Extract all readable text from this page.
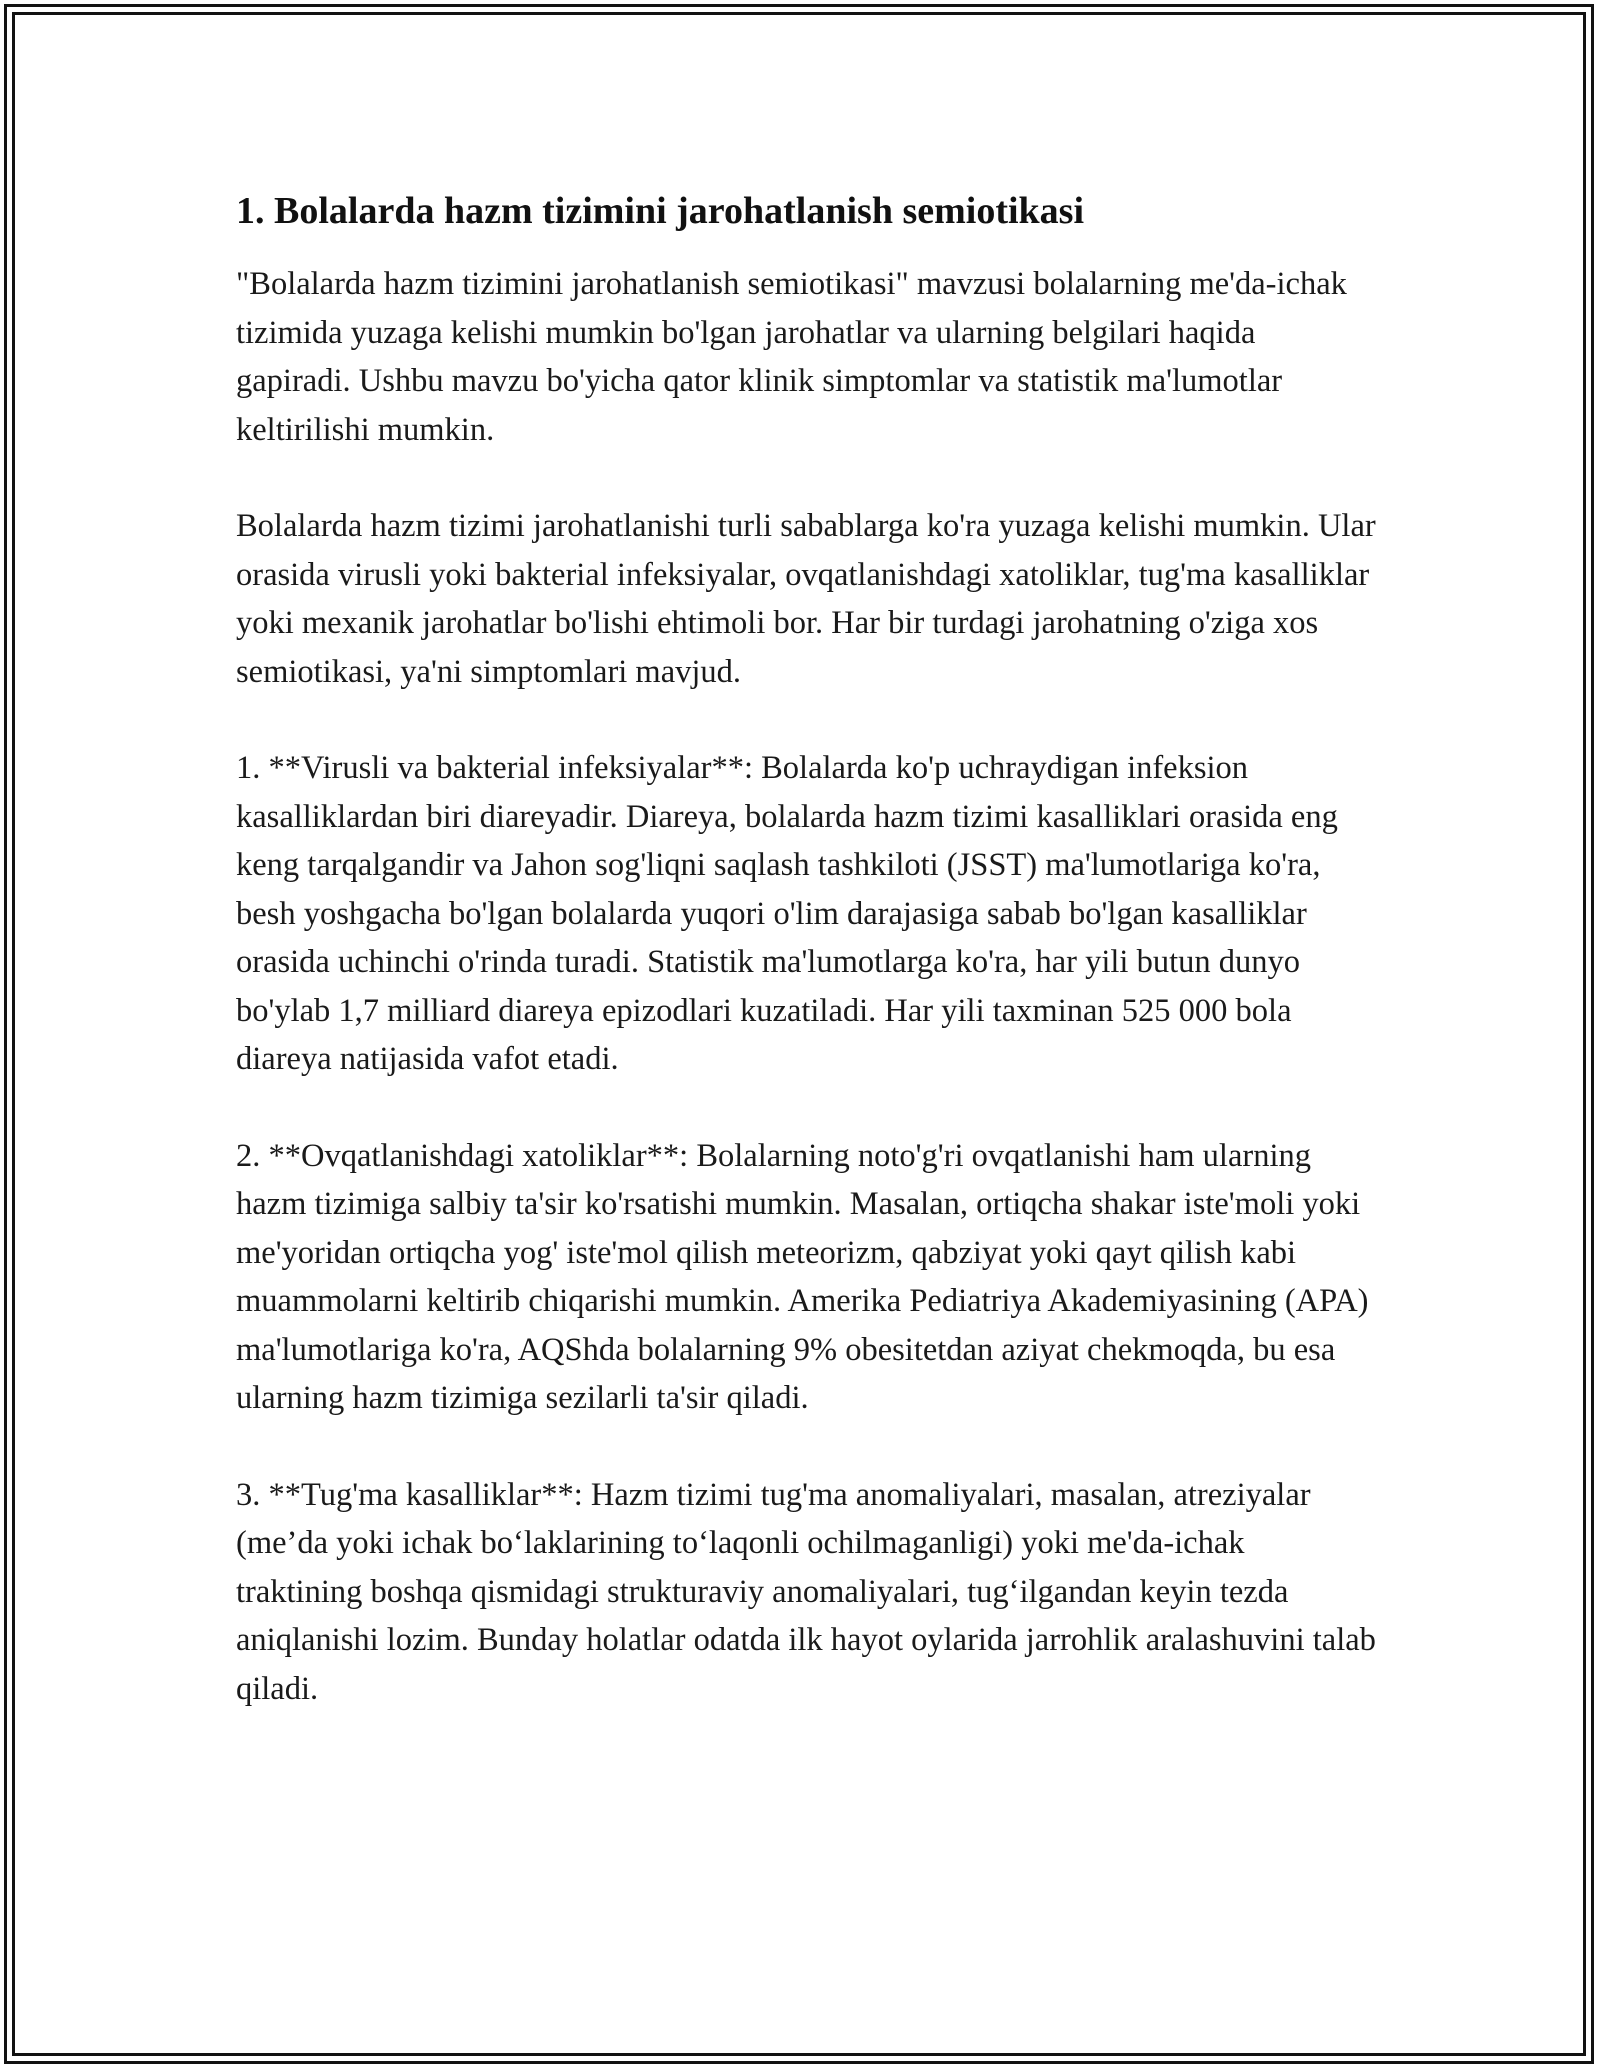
1. Bolalarda hazm tizimini jarohatlanish semiotikasi

"Bolalarda hazm tizimini jarohatlanish semiotikasi" mavzusi bolalarning me'da-ichak tizimida yuzaga kelishi mumkin bo'lgan jarohatlar va ularning belgilari haqida gapiradi. Ushbu mavzu bo'yicha qator klinik simptomlar va statistik ma'lumotlar keltirilishi mumkin.

Bolalarda hazm tizimi jarohatlanishi turli sabablarga ko'ra yuzaga kelishi mumkin. Ular orasida virusli yoki bakterial infeksiyalar, ovqatlanishdagi xatoliklar, tug'ma kasalliklar yoki mexanik jarohatlar bo'lishi ehtimoli bor. Har bir turdagi jarohatning o'ziga xos semiotikasi, ya'ni simptomlari mavjud.

1. **Virusli va bakterial infeksiyalar**: Bolalarda ko'p uchraydigan infeksion kasalliklardan biri diareyadir. Diareya, bolalarda hazm tizimi kasalliklari orasida eng keng tarqalgandir va Jahon sog'liqni saqlash tashkiloti (JSST) ma'lumotlariga ko'ra, besh yoshgacha bo'lgan bolalarda yuqori o'lim darajasiga sabab bo'lgan kasalliklar orasida uchinchi o'rinda turadi. Statistik ma'lumotlarga ko'ra, har yili butun dunyo bo'ylab 1,7 milliard diareya epizodlari kuzatiladi. Har yili taxminan 525 000 bola diareya natijasida vafot etadi.

2. **Ovqatlanishdagi xatoliklar**: Bolalarning noto'g'ri ovqatlanishi ham ularning hazm tizimiga salbiy ta'sir ko'rsatishi mumkin. Masalan, ortiqcha shakar iste'moli yoki me'yoridan ortiqcha yog' iste'mol qilish meteorizm, qabziyat yoki qayt qilish kabi muammolarni keltirib chiqarishi mumkin. Amerika Pediatriya Akademiyasining (APA) ma'lumotlariga ko'ra, AQShda bolalarning 9% obesitetdan aziyat chekmoqda, bu esa ularning hazm tizimiga sezilarli ta'sir qiladi.

3. **Tug'ma kasalliklar**: Hazm tizimi tug'ma anomaliyalari, masalan, atreziyalar (me’da yoki ichak bo‘laklarining to‘laqonli ochilmaganligi) yoki me'da-ichak traktining boshqa qismidagi strukturaviy anomaliyalari, tug‘ilgandan keyin tezda aniqlanishi lozim. Bunday holatlar odatda ilk hayot oylarida jarrohlik aralashuvini talab qiladi.
